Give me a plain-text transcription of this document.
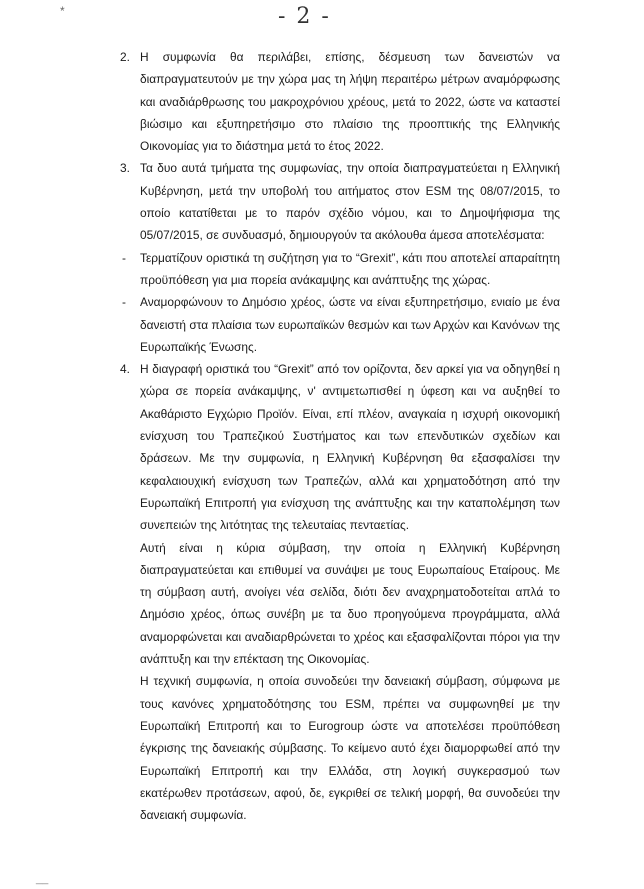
*	- 2 -
2. Η συμφωνία θα περιλάβει, επίσης, δέσμευση των δανειστών να διαπραγματευτούν με την χώρα μας τη λήψη περαιτέρω μέτρων αναμόρφωσης και αναδιάρθρωσης του μακροχρόνιου χρέους, μετά το 2022, ώστε να καταστεί βιώσιμο και εξυπηρετήσιμο στο πλαίσιο της προοπτικής της Ελληνικής Οικονομίας για το διάστημα μετά το έτος 2022.

3. Τα δυο αυτά τμήματα της συμφωνίας, την οποία διαπραγματεύεται η Ελληνική Κυβέρνηση, μετά την υποβολή του αιτήματος στον ESM της 08/07/2015, το οποίο κατατίθεται με το παρόν σχέδιο νόμου, και το Δημοψήφισμα της 05/07/2015, σε συνδυασμό, δημιουργούν τα ακόλουθα άμεσα αποτελέσματα:

- Τερματίζουν οριστικά τη συζήτηση για το “Grexit”, κάτι που αποτελεί απαραίτητη προϋπόθεση για μια πορεία ανάκαμψης και ανάπτυξης της χώρας.

- Αναμορφώνουν το Δημόσιο χρέος, ώστε να είναι εξυπηρετήσιμο, ενιαίο με ένα δανειστή στα πλαίσια των ευρωπαϊκών θεσμών και των Αρχών και Κανόνων της Ευρωπαϊκής Ένωσης.

4. Η διαγραφή οριστικά του “Grexit” από τον ορίζοντα, δεν αρκεί για να οδηγηθεί η χώρα σε πορεία ανάκαμψης, ν' αντιμετωπισθεί η ύφεση και να αυξηθεί το Ακαθάριστο Εγχώριο Προϊόν. Είναι, επί πλέον, αναγκαία η ισχυρή οικονομική ενίσχυση του Τραπεζικού Συστήματος και των επενδυτικών σχεδίων και δράσεων. Με την συμφωνία, η Ελληνική Κυβέρνηση θα εξασφαλίσει την κεφαλαιουχική ενίσχυση των Τραπεζών, αλλά και χρηματοδότηση από την Ευρωπαϊκή Επιτροπή για ενίσχυση της ανάπτυξης και την καταπολέμηση των συνεπειών της λιτότητας της τελευταίας πενταετίας.

Αυτή είναι η κύρια σύμβαση, την οποία η Ελληνική Κυβέρνηση διαπραγματεύεται και επιθυμεί να συνάψει με τους Ευρωπαίους Εταίρους. Με τη σύμβαση αυτή, ανοίγει νέα σελίδα, διότι δεν αναχρηματοδοτείται απλά το Δημόσιο χρέος, όπως συνέβη με τα δυο προηγούμενα προγράμματα, αλλά αναμορφώνεται και αναδιαρθρώνεται το χρέος και εξασφαλίζονται πόροι για την ανάπτυξη και την επέκταση της Οικονομίας.

Η τεχνική συμφωνία, η οποία συνοδεύει την δανειακή σύμβαση, σύμφωνα με τους κανόνες χρηματοδότησης του ESM, πρέπει να συμφωνηθεί με την Ευρωπαϊκή Επιτροπή και το Eurogroup ώστε να αποτελέσει προϋπόθεση έγκρισης της δανειακής σύμβασης. Το κείμενο αυτό έχει διαμορφωθεί από την Ευρωπαϊκή Επιτροπή και την Ελλάδα, στη λογική συγκερασμού των εκατέρωθεν προτάσεων, αφού, δε, εγκριθεί σε τελική μορφή, θα συνοδεύει την δανειακή συμφωνία.

__
